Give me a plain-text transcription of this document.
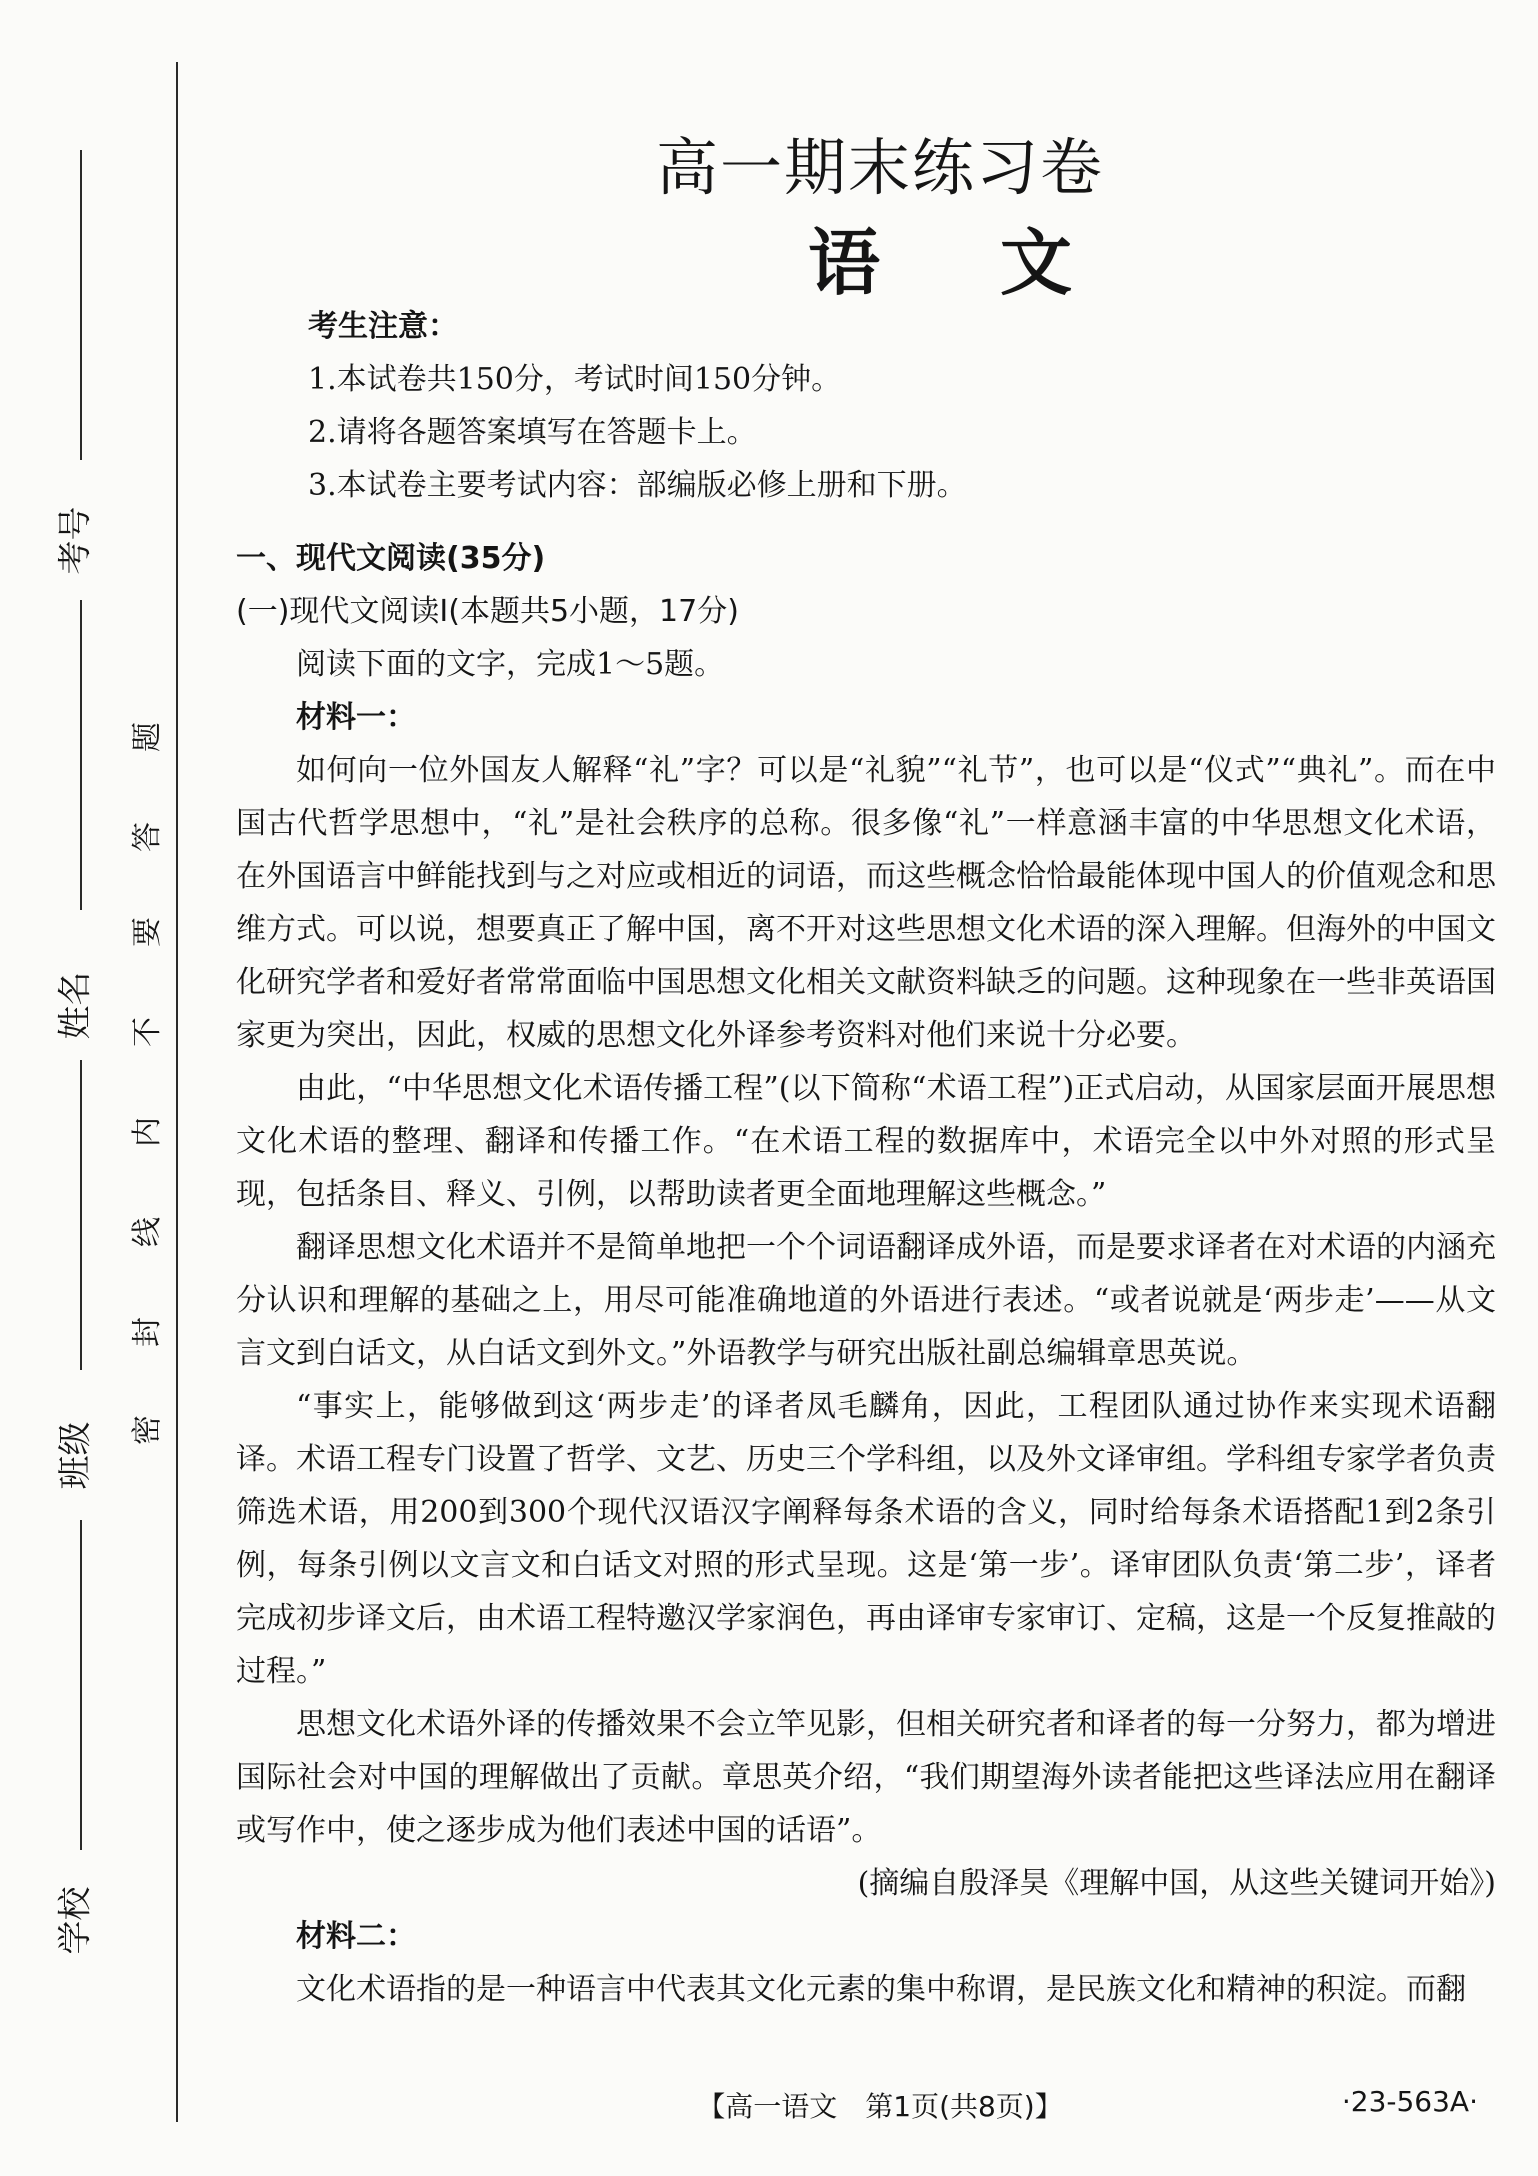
考号
姓名
班级
学校
题
答
要
不
内
线
封
密
高一期末练习卷
语文
考生注意：
1.本试卷共150分，考试时间150分钟。
2.请将各题答案填写在答题卡上。
3.本试卷主要考试内容：部编版必修上册和下册。
一、现代文阅读(35分)
(一)现代文阅读Ⅰ(本题共5小题，17分)
阅读下面的文字，完成1～5题。
材料一：

如何向一位外国友人解释“礼”字？可以是“礼貌”“礼节”，也可以是“仪式”“典礼”。而在中国古代哲学思想中，“礼”是社会秩序的总称。很多像“礼”一样意涵丰富的中华思想文化术语，在外国语言中鲜能找到与之对应或相近的词语，而这些概念恰恰最能体现中国人的价值观念和思维方式。可以说，想要真正了解中国，离不开对这些思想文化术语的深入理解。但海外的中国文化研究学者和爱好者常常面临中国思想文化相关文献资料缺乏的问题。这种现象在一些非英语国家更为突出，因此，权威的思想文化外译参考资料对他们来说十分必要。

由此，“中华思想文化术语传播工程”(以下简称“术语工程”)正式启动，从国家层面开展思想文化术语的整理、翻译和传播工作。“在术语工程的数据库中，术语完全以中外对照的形式呈现，包括条目、释义、引例，以帮助读者更全面地理解这些概念。”

翻译思想文化术语并不是简单地把一个个词语翻译成外语，而是要求译者在对术语的内涵充分认识和理解的基础之上，用尽可能准确地道的外语进行表述。“或者说就是‘两步走’——从文言文到白话文，从白话文到外文。”外语教学与研究出版社副总编辑章思英说。

“事实上，能够做到这‘两步走’的译者凤毛麟角，因此，工程团队通过协作来实现术语翻译。术语工程专门设置了哲学、文艺、历史三个学科组，以及外文译审组。学科组专家学者负责筛选术语，用200到300个现代汉语汉字阐释每条术语的含义，同时给每条术语搭配1到2条引例，每条引例以文言文和白话文对照的形式呈现。这是‘第一步’。译审团队负责‘第二步’，译者完成初步译文后，由术语工程特邀汉学家润色，再由译审专家审订、定稿，这是一个反复推敲的过程。”

思想文化术语外译的传播效果不会立竿见影，但相关研究者和译者的每一分努力，都为增进国际社会对中国的理解做出了贡献。章思英介绍，“我们期望海外读者能把这些译法应用在翻译或写作中，使之逐步成为他们表述中国的话语”。

(摘编自殷泽昊《理解中国，从这些关键词开始》)

材料二：

文化术语指的是一种语言中代表其文化元素的集中称谓，是民族文化和精神的积淀。而翻

【高一语文　第1页(共8页)】	·23-563A·
